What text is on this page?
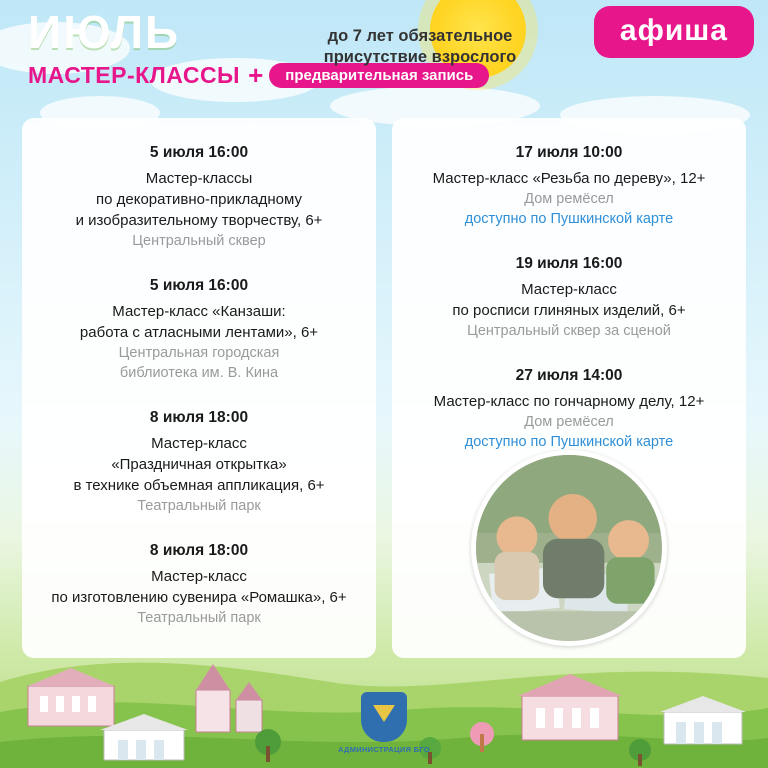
ИЮЛЬ
МАСТЕР-КЛАССЫ +	предварительная запись
до 7 лет обязательное присутствие взрослого
афиша
5 июля 16:00
Мастер-классы
по декоративно-прикладному
и изобразительному творчеству, 6+
Центральный сквер
5 июля 16:00
Мастер-класс «Канзаши:
работа с атласными лентами», 6+
Центральная городская
библиотека им. В. Кина
8 июля 18:00
Мастер-класс
«Праздничная открытка»
в технике объемная аппликация, 6+
Театральный парк
8 июля 18:00
Мастер-класс
по изготовлению сувенира «Ромашка», 6+
Театральный парк
17 июля 10:00
Мастер-класс «Резьба по дереву», 12+
Дом ремёсел
доступно по Пушкинской карте
19 июля 16:00
Мастер-класс
по росписи глиняных изделий, 6+
Центральный сквер за сценой
27 июля 14:00
Мастер-класс по гончарному делу, 12+
Дом ремёсел
доступно по Пушкинской карте
АДМИНИСТРАЦИЯ БГО
